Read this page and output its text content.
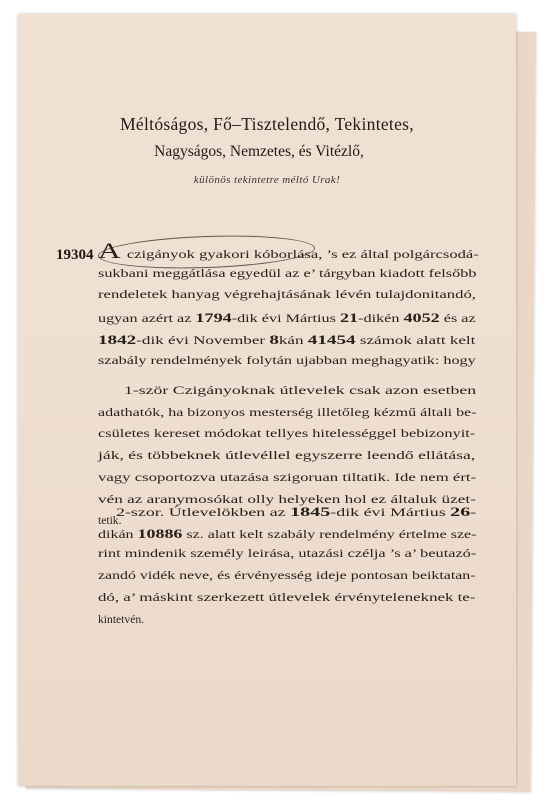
Méltóságos, Fő–Tisztelendő, Tekintetes,
Nagyságos, Nemzetes, és Vitézlő,
különös tekintetre méltó Urak!
19304 A czigányok gyakori kóborlása, ’s ez által polgárcsodá-
sukbani meggátlása egyedül az e’ tárgyban kiadott felsőbb
rendeletek hanyag végrehajtásának lévén tulajdonitandó,
ugyan azért az 1794-dik évi Mártius 21-dikén 4052 és az
1842-dik évi November 8kán 41454 számok alatt kelt
szabály rendelmények folytán ujabban meghagyatik: hogy
1-ször Czigányoknak útlevelek csak azon esetben
adathatók, ha bizonyos mesterség illetőleg kézmű általi be-
csületes kereset módokat tellyes hitelességgel bebizonyit-
ják, és többeknek útlevéllel egyszerre leendő ellátása,
vagy csoportozva utazása szigoruan tiltatik. Ide nem ért-
vén az aranymosókat olly helyeken hol ez általuk üzet-
tetik.
2-szor. Útlevelökben az 1845-dik évi Mártius 26-
dikán 10886 sz. alatt kelt szabály rendelmény értelme sze-
rint mindenik személy leirása, utazási czélja ’s a’ beutazó-
zandó vidék neve, és érvényesség ideje pontosan beiktatan-
dó, a’ máskint szerkezett útlevelek érvényteleneknek te-
kintetvén.
